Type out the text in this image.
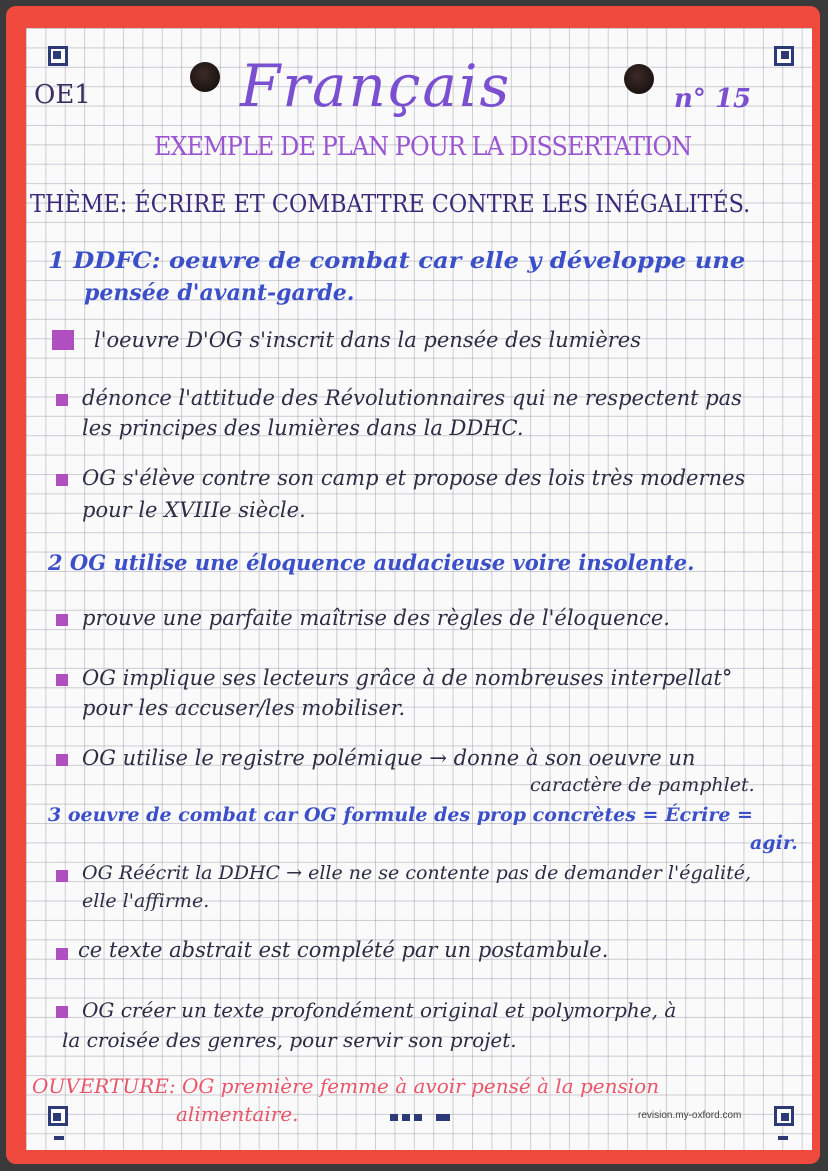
OE1	Français	n° 15
EXEMPLE DE PLAN POUR LA DISSERTATION
THÈME: ÉCRIRE ET COMBATTRE CONTRE LES INÉGALITÉS.
1 DDFC: oeuvre de combat car elle y développe une
pensée d'avant-garde.
l'oeuvre D'OG s'inscrit dans la pensée des lumières
dénonce l'attitude des Révolutionnaires qui ne respectent pas
les principes des lumières dans la DDHC.
OG s'élève contre son camp et propose des lois très modernes
pour le XVIIIe siècle.
2 OG utilise une éloquence audacieuse voire insolente.
prouve une parfaite maîtrise des règles de l'éloquence.
OG implique ses lecteurs grâce à de nombreuses interpellat°
pour les accuser/les mobiliser.
OG utilise le registre polémique → donne à son oeuvre un
caractère de pamphlet.
3 oeuvre de combat car OG formule des prop concrètes = Écrire =
agir.
OG Réécrit la DDHC → elle ne se contente pas de demander l'égalité,
elle l'affirme.
ce texte abstrait est complété par un postambule.
OG créer un texte profondément original et polymorphe, à
la croisée des genres, pour servir son projet.
OUVERTURE: OG première femme à avoir pensé à la pension
alimentaire.	revision.my-oxford.com
